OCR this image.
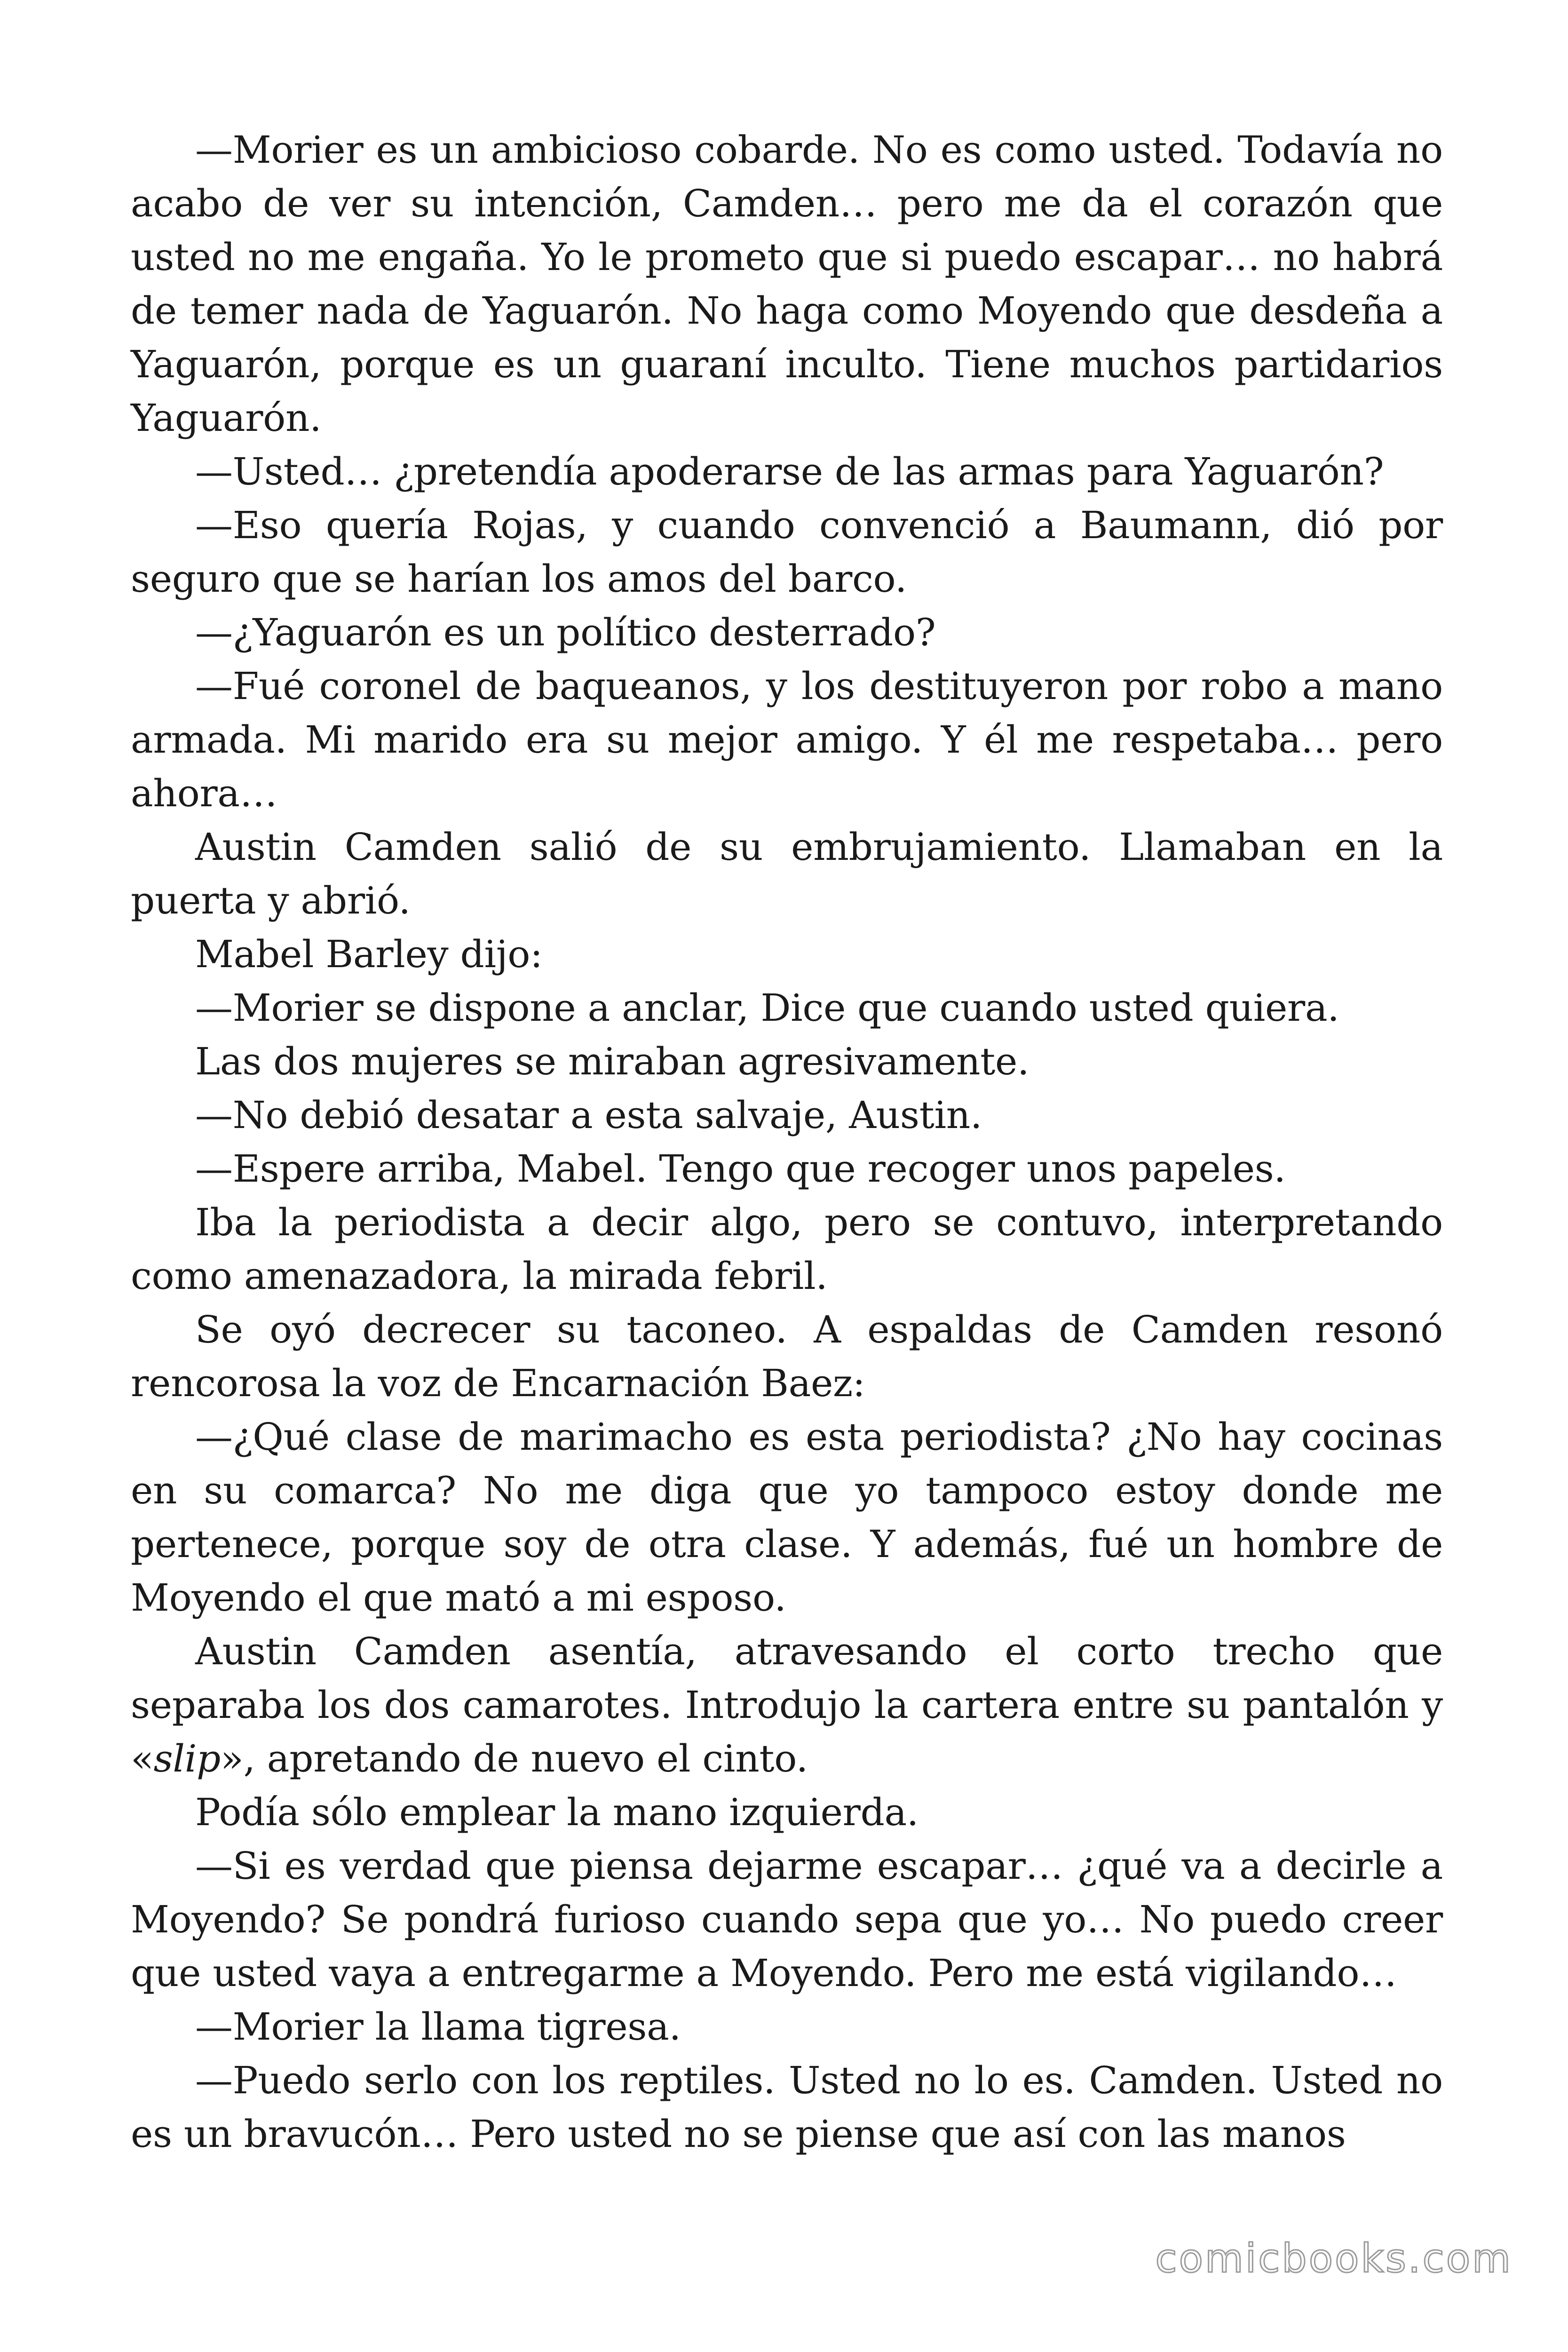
—Morier es un ambicioso cobarde. No es como usted. Todavía no acabo de ver su intención, Camden… pero me da el corazón que usted no me engaña. Yo le prometo que si puedo escapar… no habrá de temer nada de Yaguarón. No haga como Moyendo que desdeña a Yaguarón, porque es un guaraní inculto. Tiene muchos partidarios Yaguarón.

—Usted… ¿pretendía apoderarse de las armas para Yaguarón?

—Eso quería Rojas, y cuando convenció a Baumann, dió por seguro que se harían los amos del barco.

—¿Yaguarón es un político desterrado?

—Fué coronel de baqueanos, y los destituyeron por robo a mano armada. Mi marido era su mejor amigo. Y él me respetaba… pero ahora…

Austin Camden salió de su embrujamiento. Llamaban en la puerta y abrió.

Mabel Barley dijo:

—Morier se dispone a anclar, Dice que cuando usted quiera.

Las dos mujeres se miraban agresivamente.

—No debió desatar a esta salvaje, Austin.

—Espere arriba, Mabel. Tengo que recoger unos papeles.

Iba la periodista a decir algo, pero se contuvo, interpretando como amenazadora, la mirada febril.

Se oyó decrecer su taconeo. A espaldas de Camden resonó rencorosa la voz de Encarnación Baez:

—¿Qué clase de marimacho es esta periodista? ¿No hay cocinas en su comarca? No me diga que yo tampoco estoy donde me pertenece, porque soy de otra clase. Y además, fué un hombre de Moyendo el que mató a mi esposo.

Austin Camden asentía, atravesando el corto trecho que separaba los dos camarotes. Introdujo la cartera entre su pantalón y «slip», apretando de nuevo el cinto.

Podía sólo emplear la mano izquierda.

—Si es verdad que piensa dejarme escapar… ¿qué va a decirle a Moyendo? Se pondrá furioso cuando sepa que yo… No puedo creer que usted vaya a entregarme a Moyendo. Pero me está vigilando…

—Morier la llama tigresa.

—Puedo serlo con los reptiles. Usted no lo es. Camden. Usted no es un bravucón… Pero usted no se piense que así con las manos

comicbooks.com
